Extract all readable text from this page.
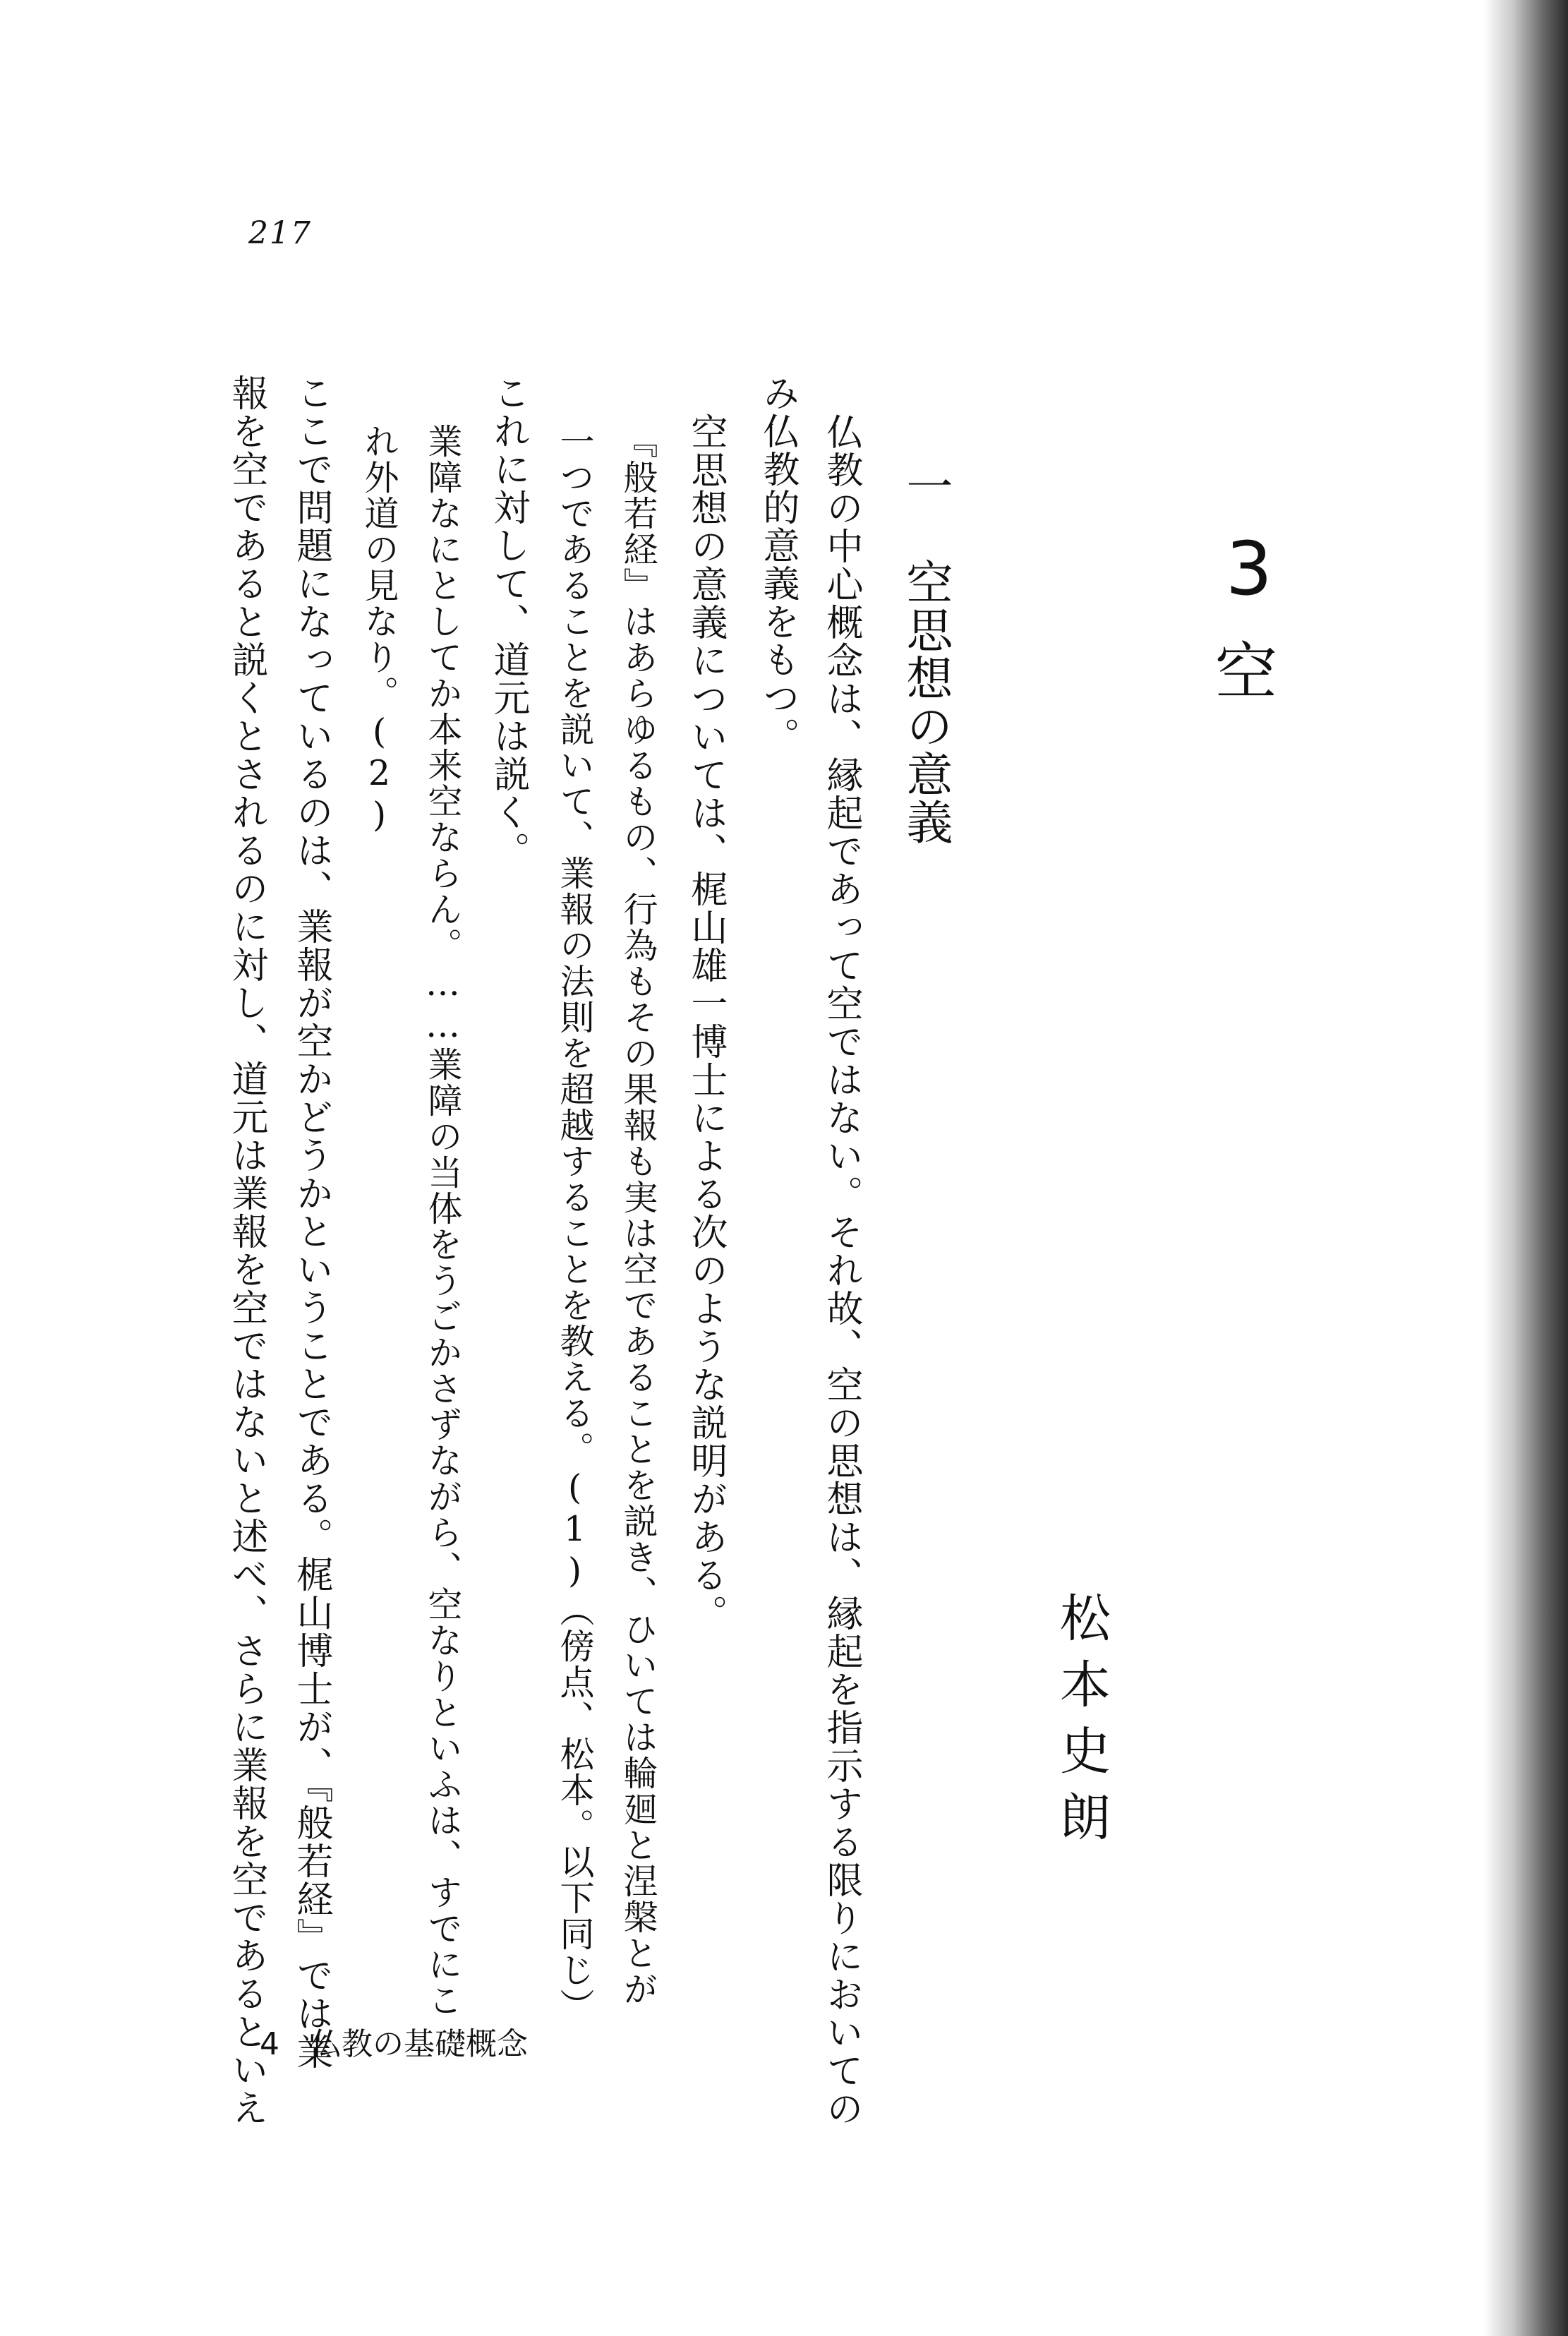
217
3
空
松本史朗
一　空思想の意義
仏教の中心概念は、縁起であって空ではない。それ故、空の思想は、縁起を指示する限りにおいての
み仏教的意義をもつ。
空思想の意義については、梶山雄一博士による次のような説明がある。
『般若経』はあらゆるもの、行為もその果報も実は空であることを説き、ひいては輪廻と涅槃とが
一つであることを説いて、業報の法則を超越することを教える。(1)（傍点、松本。以下同じ）
これに対して、道元は説く。
業障なにとしてか本来空ならん。……業障の当体をうごかさずながら、空なりといふは、すでにこ
れ外道の見なり。(2)
ここで問題になっているのは、業報が空かどうかということである。梶山博士が、『般若経』では業
報を空であると説くとされるのに対し、道元は業報を空ではないと述べ、さらに業報を空であるといえ
4　仏教の基礎概念
